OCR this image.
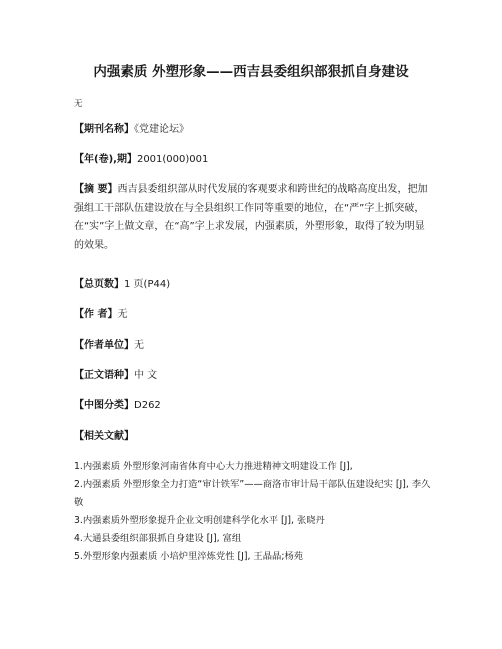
内强素质 外塑形象——西吉县委组织部狠抓自身建设
无
【期刊名称】《党建论坛》
【年(卷),期】2001(000)001
【摘 要】西吉县委组织部从时代发展的客观要求和跨世纪的战略高度出发，把加强组工干部队伍建设放在与全县组织工作同等重要的地位，在“严”字上抓突破，在“实”字上做文章，在“高”字上求发展，内强素质，外塑形象，取得了较为明显的效果。
【总页数】1 页(P44)
【作 者】无
【作者单位】无
【正文语种】中 文
【中图分类】D262
【相关文献】
1.内强素质 外塑形象河南省体育中心大力推进精神文明建设工作 [J],
2.内强素质 外塑形象全力打造“审计铁军”——商洛市审计局干部队伍建设纪实 [J], 李久敬
3.内强素质外塑形象提升企业文明创建科学化水平 [J], 张晓丹
4.大通县委组织部狠抓自身建设 [J], 富组
5.外塑形象内强素质 小培炉里淬炼党性 [J], 王晶晶;杨苑
